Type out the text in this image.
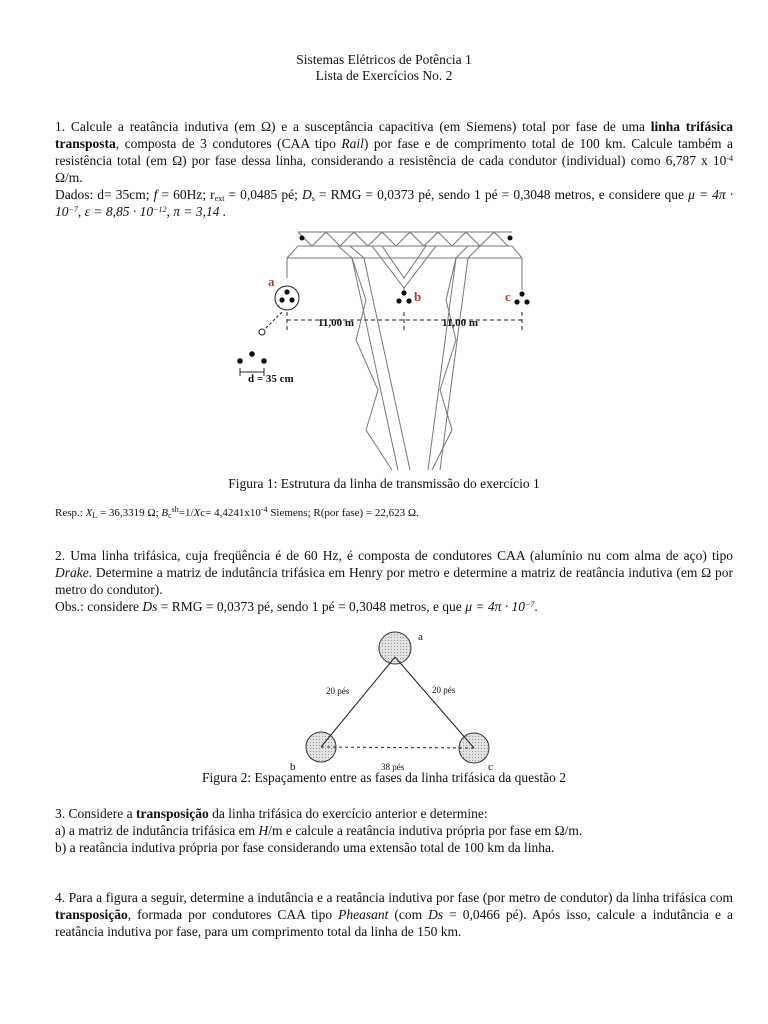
Sistemas Elétricos de Potência 1
Lista de Exercícios No. 2
1. Calcule a reatância indutiva (em Ω) e a susceptância capacitiva (em Siemens) total por fase de uma linha trifásica transposta, composta de 3 condutores (CAA tipo Rail) por fase e de comprimento total de 100 km. Calcule também a resistência total (em Ω) por fase dessa linha, considerando a resistência de cada condutor (individual) como 6,787 x $10^{-4}$ Ω/m.
Dados: d= 35cm; f = 60Hz; $r_{ext} = 0,0485$ pé; $D_s$ = RMG = 0,0373 pé, sendo 1 pé = 0,3048 metros, e considere que $\mu = 4\pi \cdot 10^{-7}$, $\varepsilon = 8,85 \cdot 10^{-12}$, π = 3,14 .
a
b	c
11,00 m	11,00 m
d = 35 cm
Figura 1: Estrutura da linha de transmissão do exercício 1
Resp.: $X_L = 36,3319$ Ω; $B_c^{sh}=1/Xc= 4,4241x10^{-4}$ Siemens; R(por fase) = 22,623 Ω.
2. Uma linha trifásica, cuja freqüência é de 60 Hz, é composta de condutores CAA (alumínio nu com alma de aço) tipo Drake. Determine a matriz de indutância trifásica em Henry por metro e determine a matriz de reatância indutiva (em Ω por metro do condutor).
Obs.: considere Ds = RMG = 0,0373 pé, sendo 1 pé = 0,3048 metros, e que $\mu = 4\pi \cdot 10^{-7}$.
a
b	c
20 pés	20 pés
38 pés
Figura 2: Espaçamento entre as fases da linha trifásica da questão 2
3. Considere a transposição da linha trifásica do exercício anterior e determine:
a) a matriz de indutância trifásica em H/m e calcule a reatância indutiva própria por fase em Ω/m.
b) a reatância indutiva própria por fase considerando uma extensão total de 100 km da linha.
4. Para a figura a seguir, determine a indutância e a reatância indutiva por fase (por metro de condutor) da linha trifásica com transposição, formada por condutores CAA tipo Pheasant (com Ds = 0,0466 pé). Após isso, calcule a indutância e a reatância indutiva por fase, para um comprimento total da linha de 150 km.
